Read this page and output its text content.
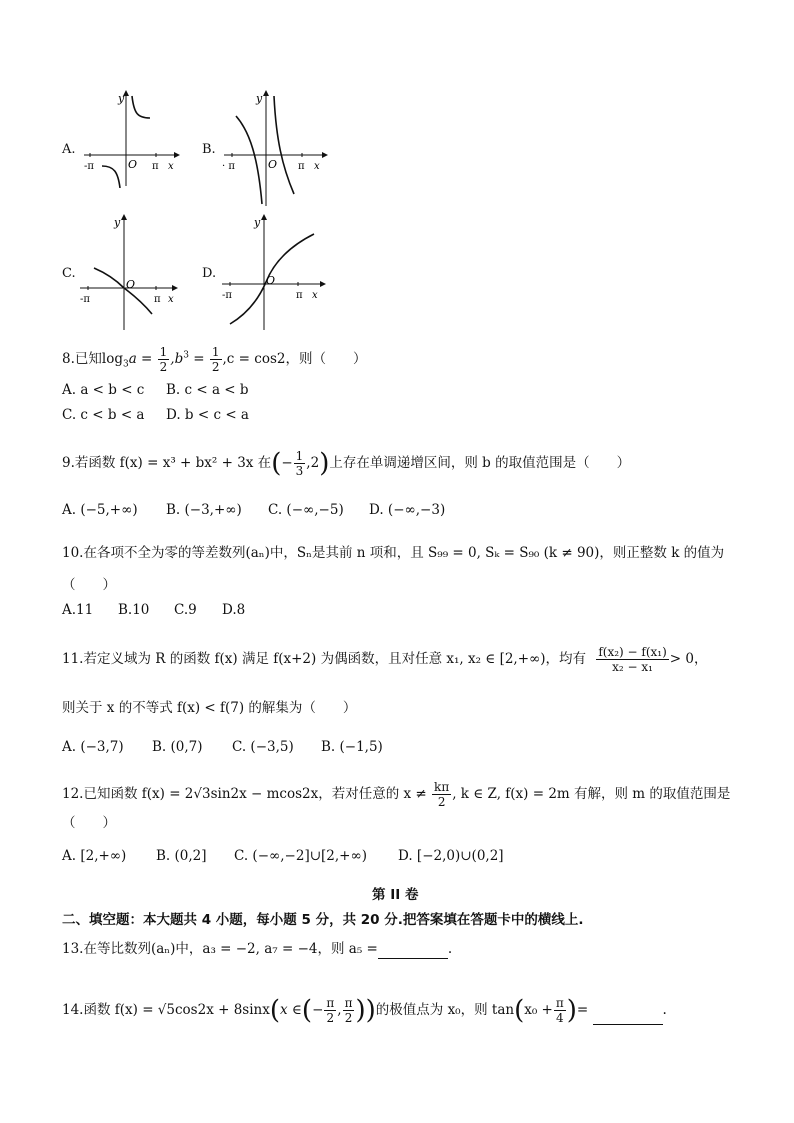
A.
y
O
-π	π x
B.
y
O
· π	π x
C.
y
O
-π	π x
D.
y
O
-π	π x
8.已知$\log_3a = \frac{1}{2} ,b^3 = \frac{1}{2} ,c = \cos 2$，则（　　）
A. a < b < c B. c < a < b
C. c < b < a D. b < c < a
9.若函数 f(x) = x³ + bx² + 3x 在(− $\frac{1}{3} ,2$)上存在单调递增区间，则 b 的取值范围是（　　）
A. (−5,+∞) B. (−3,+∞) C. (−∞,−5) D. (−∞,−3)
10.在各项不全为零的等差数列(aₙ)中，Sₙ是其前 n 项和，且 S₉₉ = 0, Sₖ = S₉₀ (k ≠ 90)，则正整数 k 的值为
（　　）
A.11 B.10 C.9 D.8
11.若定义域为 R 的函数 f(x) 满足 f(x+2) 为偶函数，且对任意 x₁, x₂ ∈ [2,+∞)，均有 $\frac{\text{f(x₂) − f(x₁)}}{\text{x₂ − x₁}} > 0$，
则关于 x 的不等式 f(x) < f(7) 的解集为（　　）
A. (−3,7) B. (0,7) C. (−3,5) B. (−1,5)
12.已知函数 f(x) = 2√3sin2x − mcos2x，若对任意的 $x \ne \frac{k\pi}{2}$ , k ∈ Z, f(x) = 2m 有解，则 m 的取值范围是
（　　）
A. [2,+∞) B. (0,2] C. (−∞,−2]∪[2,+∞) D. [−2,0)∪(0,2]
第 II 卷
二、填空题：本大题共 4 小题，每小题 5 分，共 20 分.把答案填在答题卡中的横线上.
13.在等比数列(aₙ)中，a₃ = −2, a₇ = −4，则 a₅ =	.
14.函数 f(x) = √5cos2x + 8sinx(x ∈(− $\frac{\pi}{2}$ , $\frac{\pi}{2}$ ))的极值点为 x₀，则 $\tan(x_0 + \frac{\pi}{4}$ )=	.
